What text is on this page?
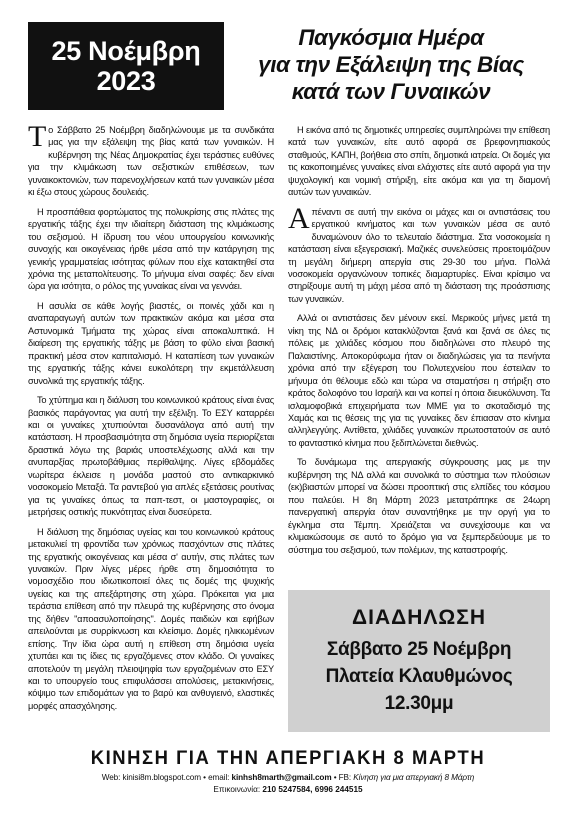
25 Νοέμβρη
2023
Παγκόσμια Ημέρα
για την Εξάλειψη της Βίας
κατά των Γυναικών

Το Σάββατο 25 Νοέμβρη διαδηλώνουμε με τα συνδικάτα μας για την εξάλειψη της βίας κατά των γυναικών. Η κυβέρνηση της Νέας Δημοκρατίας έχει τεράστιες ευθύνες για την κλιμάκωση των σεξιστικών επιθέσεων, των γυναικοκτονιών, των παρενοχλήσεων κατά των γυναικών μέσα κι έξω στους χώρους δουλειάς.

Η προσπάθεια φορτώματος της πολυκρίσης στις πλάτες της εργατικής τάξης έχει την ιδιαίτερη διάσταση της κλιμάκωσης του σεξισμού. Η ίδρυση του νέου υπουργείου κοινωνικής συνοχής και οικογένειας ήρθε μέσα από την κατάργηση της γενικής γραμματείας ισότητας φύλων που είχε κατακτηθεί στα χρόνια της μεταπολίτευσης. Το μήνυμα είναι σαφές: δεν είναι ώρα για ισότητα, ο ρόλος της γυναίκας είναι να γεννάει.

Η ασυλία σε κάθε λογής βιαστές, οι ποινές χάδι και η αναπαραγωγή αυτών των πρακτικών ακόμα και μέσα στα Αστυνομικά Τμήματα της χώρας είναι αποκαλυπτικά. Η διαίρεση της εργατικής τάξης με βάση το φύλο είναι βασική πρακτική μέσα στον καπιταλισμό. Η καταπίεση των γυναικών της εργατικής τάξης κάνει ευκολότερη την εκμετάλλευση συνολικά της εργατικής τάξης.

Το χτύπημα και η διάλυση του κοινωνικού κράτους είναι ένας βασικός παράγοντας για αυτή την εξέλιξη. Το ΕΣΥ καταρρέει και οι γυναίκες χτυπιούνται δυσανάλογα από αυτή την κατάσταση. Η προσβασιμότητα στη δημόσια υγεία περιορίζεται δραστικά λόγω της βαριάς υποστελέχωσης αλλά και την ανυπαρξίας πρωτοβάθμιας περίθαλψης. Λίγες εβδομάδες νωρίτερα έκλεισε η μονάδα μαστού στο αντικαρκινικό νοσοκομείο Μεταξά. Τα ραντεβού για απλές εξετάσεις ρουτίνας για τις γυναίκες όπως τα παπ-τεστ, οι μαστογραφίες, οι μετρήσεις οστικής πυκνότητας είναι δυσεύρετα.

Η διάλυση της δημόσιας υγείας και του κοινωνικού κράτους μετακυλιεί τη φροντίδα των χρόνιως πασχόντων στις πλάτες της εργατικής οικογένειας και μέσα σ' αυτήν, στις πλάτες των γυναικών. Πριν λίγες μέρες ήρθε στη δημοσιότητα το νομοσχέδιο που ιδιωτικοποιεί όλες τις δομές της ψυχικής υγείας και της απεξάρτησης στη χώρα. Πρόκειται για μια τεράστια επίθεση από την πλευρά της κυβέρνησης στο όνομα της δήθεν "αποασυλοποίησης". Δομές παιδιών και εφήβων απειλούνται με συρρίκνωση και κλείσιμο. Δομές ηλικιωμένων επίσης. Την ίδια ώρα αυτή η επίθεση στη δημόσια υγεία χτυπάει και τις ίδιες τις εργαζόμενες στον κλάδο. Οι γυναίκες αποτελούν τη μεγάλη πλειοψηφία των εργαζομένων στο ΕΣΥ και το υπουργείο τους επιφυλάσσει απολύσεις, μετακινήσεις, κόψιμο των επιδομάτων για το βαρύ και ανθυγιεινό, ελαστικές μορφές απασχόλησης.

Η εικόνα από τις δημοτικές υπηρεσίες συμπληρώνει την επίθεση κατά των γυναικών, είτε αυτό αφορά σε βρεφονηπιακούς σταθμούς, ΚΑΠΗ, βοήθεια στο σπίτι, δημοτικά ιατρεία. Οι δομές για τις κακοποιημένες γυναίκες είναι ελάχιστες είτε αυτό αφορά για την ψυχολογική και νομική στήριξη, είτε ακόμα και για τη διαμονή αυτών των γυναικών.

Απέναντι σε αυτή την εικόνα οι μάχες και οι αντιστάσεις του εργατικού κινήματος και των γυναικών μέσα σε αυτό δυναμώνουν όλο το τελευταίο διάστημα. Στα νοσοκομεία η κατάσταση είναι εξεγερσιακή. Μαζικές συνελεύσεις προετοιμάζουν τη μεγάλη διήμερη απεργία στις 29-30 του μήνα. Πολλά νοσοκομεία οργανώνουν τοπικές διαμαρτυρίες. Είναι κρίσιμο να στηρίξουμε αυτή τη μάχη μέσα από τη διάσταση της προάσπισης των γυναικών.

Αλλά οι αντιστάσεις δεν μένουν εκεί. Μερικούς μήνες μετά τη νίκη της ΝΔ οι δρόμοι κατακλύζονται ξανά και ξανά σε όλες τις πόλεις με χιλιάδες κόσμου που διαδηλώνει στο πλευρό της Παλαιστίνης. Αποκορύφωμα ήταν οι διαδηλώσεις για τα πενήντα χρόνια από την εξέγερση του Πολυτεχνείου που έστειλαν το μήνυμα ότι θέλουμε εδώ και τώρα να σταματήσει η στήριξη στο κράτος δολοφόνο του Ισραήλ και να κοπεί η όποια διευκόλυνση. Τα ισλαμοφοβικά επιχειρήματα των ΜΜΕ για το σκοταδισμό της Χαμάς και τις θέσεις της για τις γυναίκες δεν έπιασαν στο κίνημα αλληλεγγύης. Αντίθετα, χιλιάδες γυναικών πρωτοστατούν σε αυτό το φανταστικό κίνημα που ξεδιπλώνεται διεθνώς.

Το δυνάμωμα της απεργιακής σύγκρουσης μας με την κυβέρνηση της ΝΔ αλλά και συνολικά το σύστημα των πλούσιων (εκ)βιαστών μπορεί να δώσει προοπτική στις ελπίδες του κόσμου που παλεύει. Η 8η Μάρτη 2023 μετατράπηκε σε 24ωρη πανεργατική απεργία όταν συναντήθηκε με την οργή για το έγκλημα στα Τέμπη. Χρειάζεται να συνεχίσουμε και να κλιμακώσουμε σε αυτό το δρόμο για να ξεμπερδεύουμε με το σύστημα του σεξισμού, των πολέμων, της καταστροφής.

ΔΙΑΔΗΛΩΣΗ
Σάββατο 25 Νοέμβρη
Πλατεία Κλαυθμώνος
12.30μμ
ΚΙΝΗΣΗ ΓΙΑ ΤΗΝ ΑΠΕΡΓΙΑΚΗ 8 ΜΑΡΤΗ
Web: kinisi8m.blogspot.com • email: kinhsh8marth@gmail.com • FB: Κίνηση για μια απεργιακή 8 Μάρτη
Επικοινωνία: 210 5247584, 6996 244515
